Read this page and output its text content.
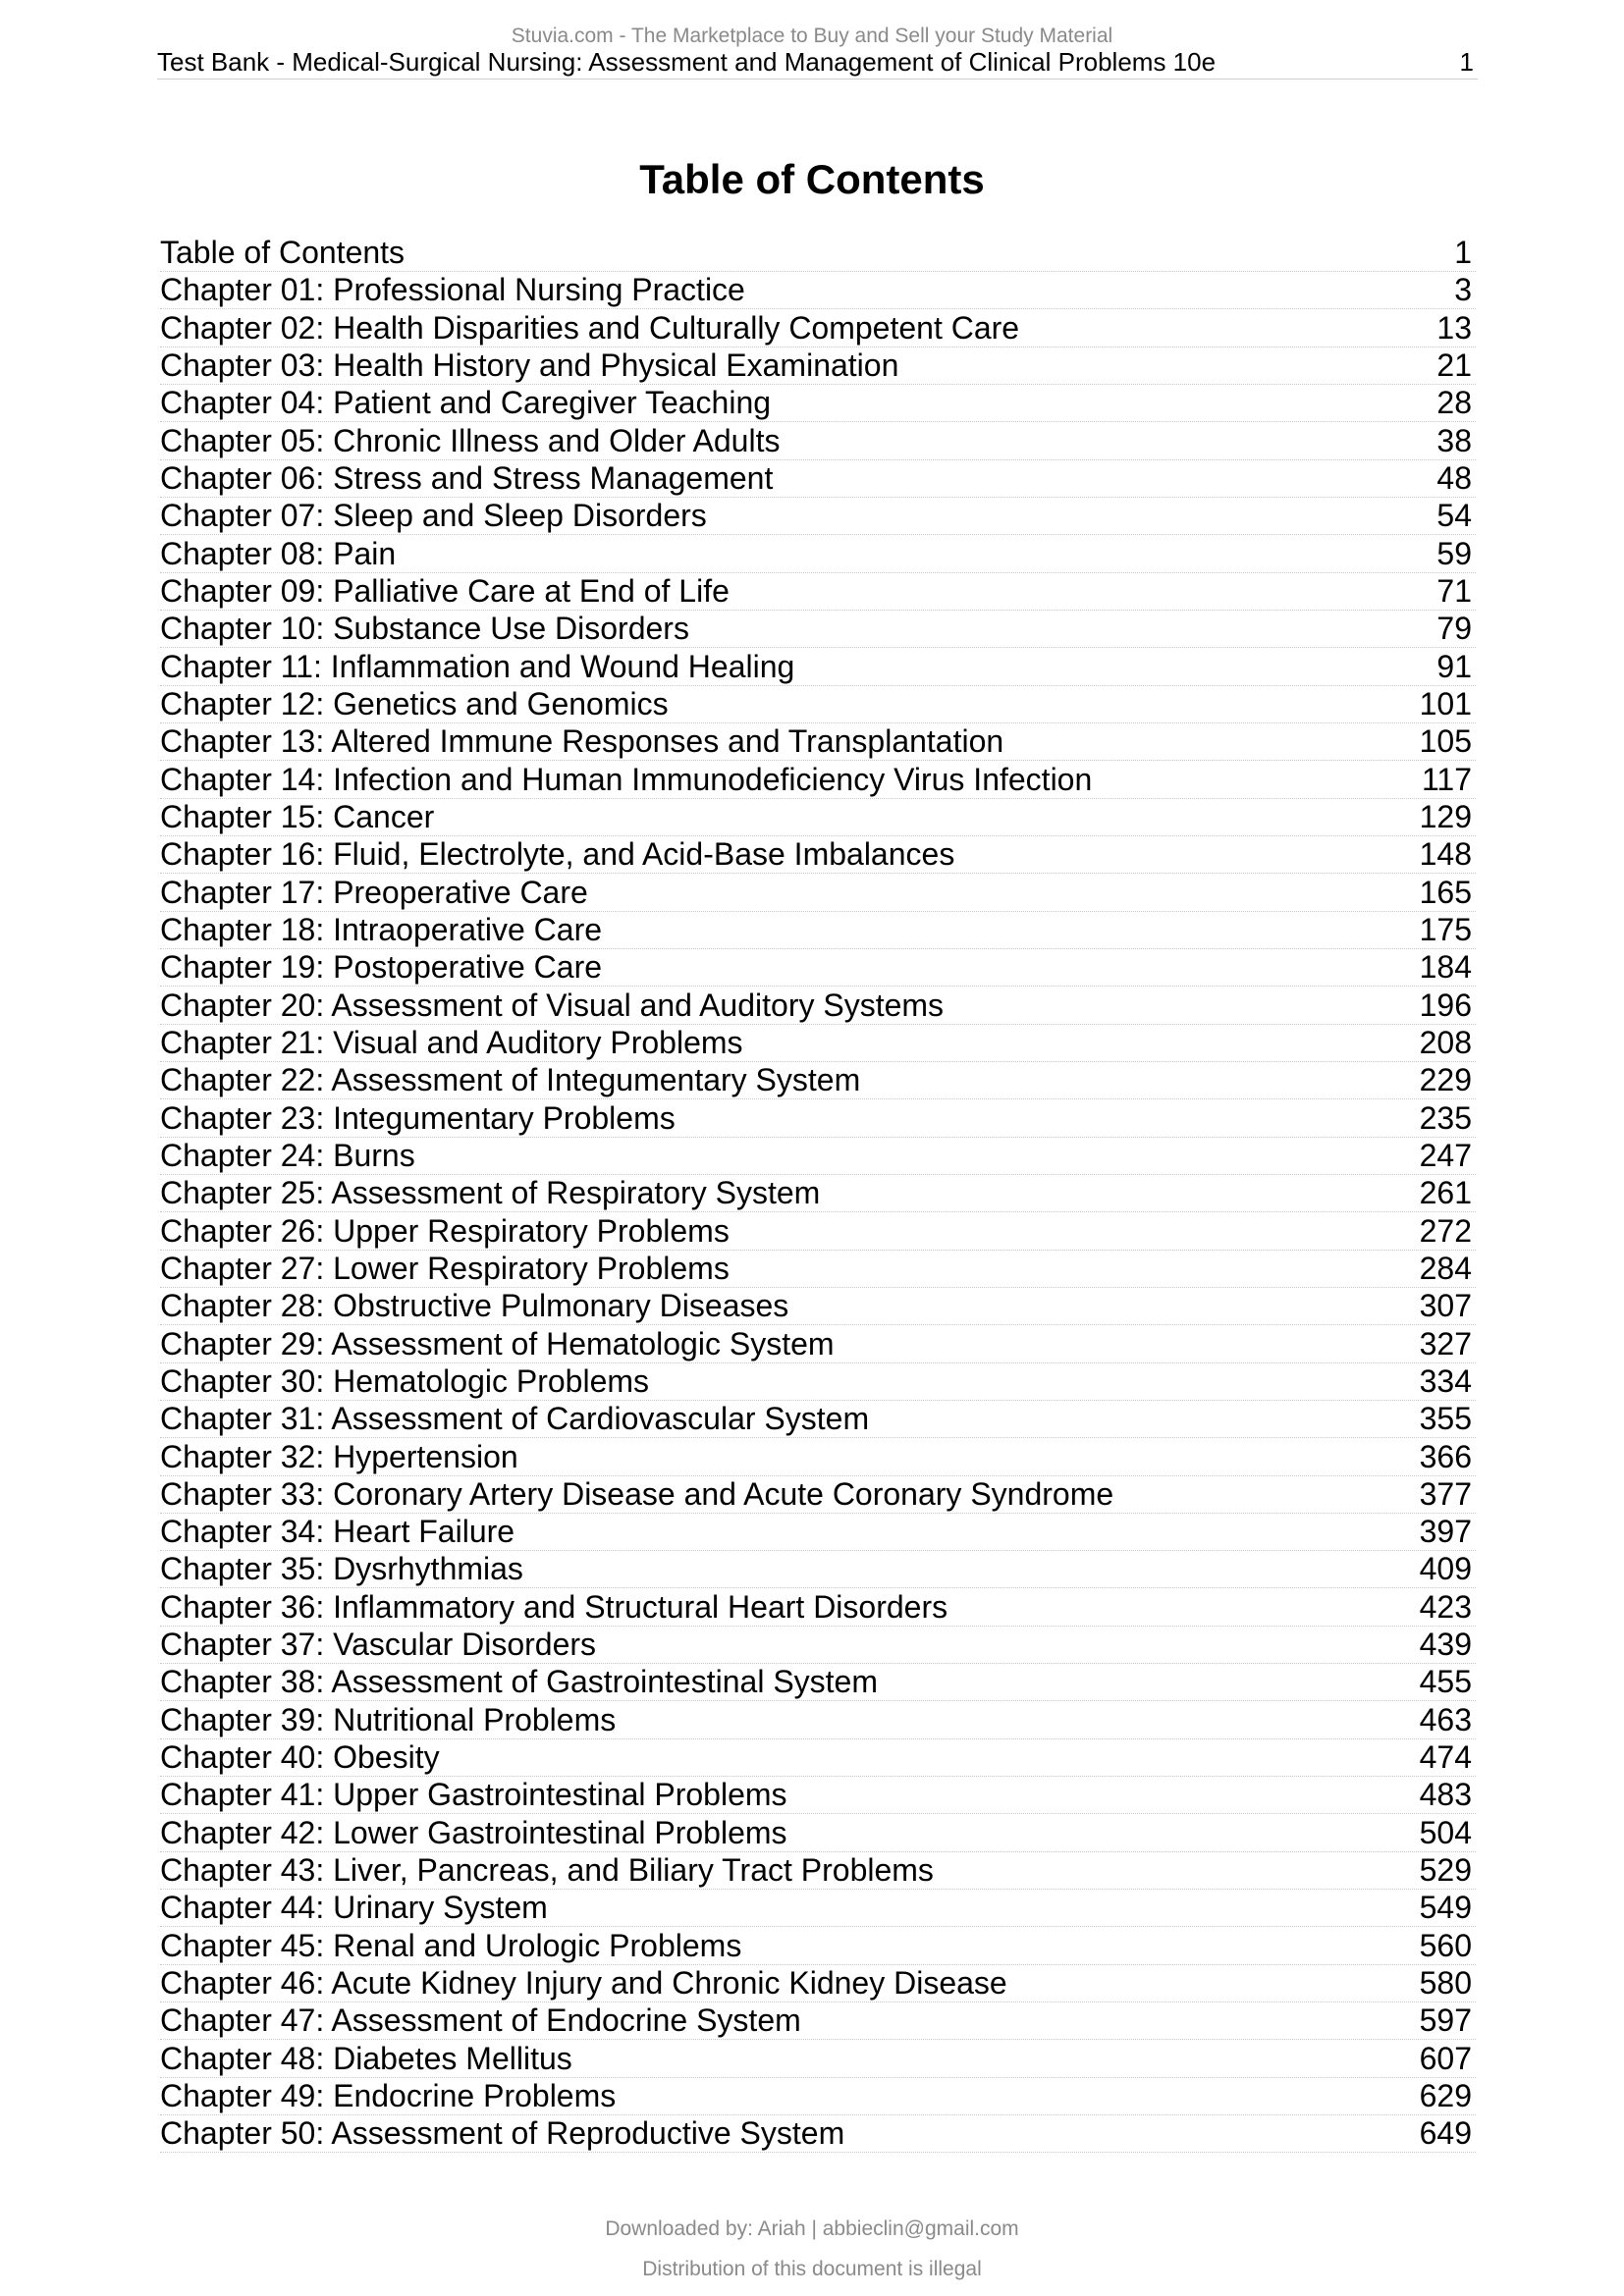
Stuvia.com - The Marketplace to Buy and Sell your Study Material
Test Bank - Medical-Surgical Nursing: Assessment and Management of Clinical Problems 10e	1
Table of Contents
Table of Contents	1
Chapter 01: Professional Nursing Practice	3
Chapter 02: Health Disparities and Culturally Competent Care	13
Chapter 03: Health History and Physical Examination	21
Chapter 04: Patient and Caregiver Teaching	28
Chapter 05: Chronic Illness and Older Adults	38
Chapter 06: Stress and Stress Management	48
Chapter 07: Sleep and Sleep Disorders	54
Chapter 08: Pain	59
Chapter 09: Palliative Care at End of Life	71
Chapter 10: Substance Use Disorders	79
Chapter 11: Inflammation and Wound Healing	91
Chapter 12: Genetics and Genomics	101
Chapter 13: Altered Immune Responses and Transplantation	105
Chapter 14: Infection and Human Immunodeficiency Virus Infection	117
Chapter 15: Cancer	129
Chapter 16: Fluid, Electrolyte, and Acid-Base Imbalances	148
Chapter 17: Preoperative Care	165
Chapter 18: Intraoperative Care	175
Chapter 19: Postoperative Care	184
Chapter 20: Assessment of Visual and Auditory Systems	196
Chapter 21: Visual and Auditory Problems	208
Chapter 22: Assessment of Integumentary System	229
Chapter 23: Integumentary Problems	235
Chapter 24: Burns	247
Chapter 25: Assessment of Respiratory System	261
Chapter 26: Upper Respiratory Problems	272
Chapter 27: Lower Respiratory Problems	284
Chapter 28: Obstructive Pulmonary Diseases	307
Chapter 29: Assessment of Hematologic System	327
Chapter 30: Hematologic Problems	334
Chapter 31: Assessment of Cardiovascular System	355
Chapter 32: Hypertension	366
Chapter 33: Coronary Artery Disease and Acute Coronary Syndrome	377
Chapter 34: Heart Failure	397
Chapter 35: Dysrhythmias	409
Chapter 36: Inflammatory and Structural Heart Disorders	423
Chapter 37: Vascular Disorders	439
Chapter 38: Assessment of Gastrointestinal System	455
Chapter 39: Nutritional Problems	463
Chapter 40: Obesity	474
Chapter 41: Upper Gastrointestinal Problems	483
Chapter 42: Lower Gastrointestinal Problems	504
Chapter 43: Liver, Pancreas, and Biliary Tract Problems	529
Chapter 44: Urinary System	549
Chapter 45: Renal and Urologic Problems	560
Chapter 46: Acute Kidney Injury and Chronic Kidney Disease	580
Chapter 47: Assessment of Endocrine System	597
Chapter 48: Diabetes Mellitus	607
Chapter 49: Endocrine Problems	629
Chapter 50: Assessment of Reproductive System	649
Downloaded by: Ariah | abbieclin@gmail.com
Distribution of this document is illegal
